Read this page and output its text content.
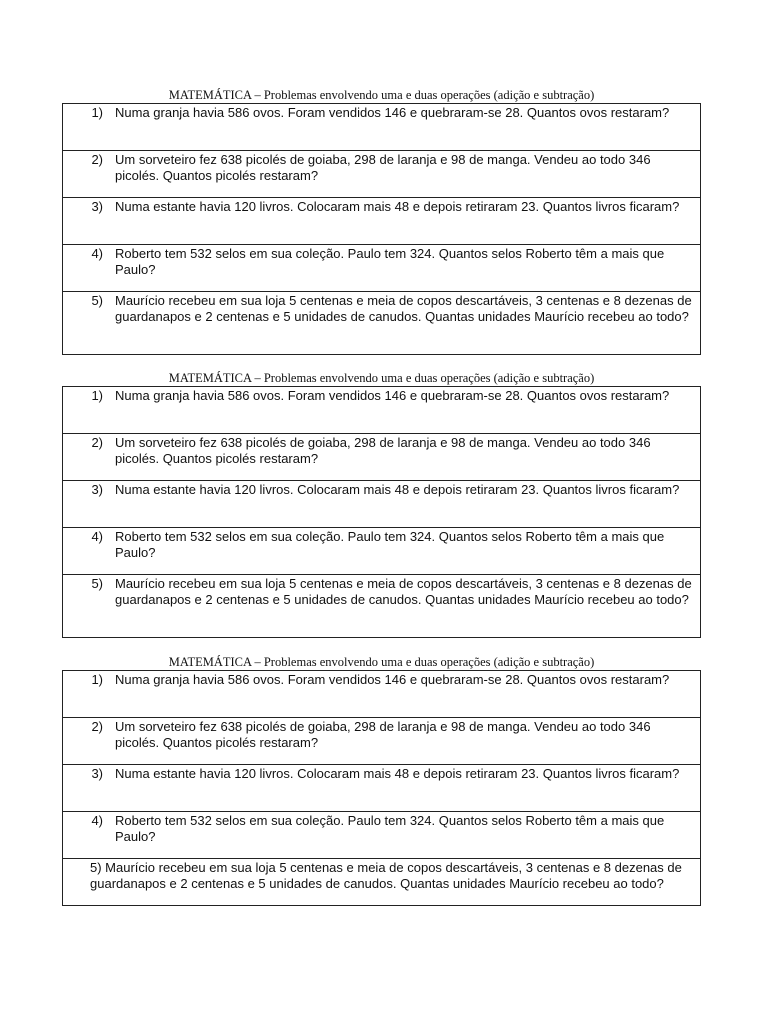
MATEMÁTICA – Problemas envolvendo uma e duas operações (adição e subtração)
1) Numa granja havia 586 ovos. Foram vendidos 146 e quebraram-se 28. Quantos ovos restaram?

2) Um sorveteiro fez 638 picolés de goiaba, 298 de laranja e 98 de manga. Vendeu ao todo 346 picolés. Quantos picolés restaram?

3) Numa estante havia 120 livros. Colocaram mais 48 e depois retiraram 23. Quantos livros ficaram?

4) Roberto tem 532 selos em sua coleção. Paulo tem 324. Quantos selos Roberto têm a mais que Paulo?

5) Maurício recebeu em sua loja 5 centenas e meia de copos descartáveis, 3 centenas e 8 dezenas de guardanapos e 2 centenas e 5 unidades de canudos. Quantas unidades Maurício recebeu ao todo?
MATEMÁTICA – Problemas envolvendo uma e duas operações (adição e subtração)
1) Numa granja havia 586 ovos. Foram vendidos 146 e quebraram-se 28. Quantos ovos restaram?

2) Um sorveteiro fez 638 picolés de goiaba, 298 de laranja e 98 de manga. Vendeu ao todo 346 picolés. Quantos picolés restaram?

3) Numa estante havia 120 livros. Colocaram mais 48 e depois retiraram 23. Quantos livros ficaram?

4) Roberto tem 532 selos em sua coleção. Paulo tem 324. Quantos selos Roberto têm a mais que Paulo?

5) Maurício recebeu em sua loja 5 centenas e meia de copos descartáveis, 3 centenas e 8 dezenas de guardanapos e 2 centenas e 5 unidades de canudos. Quantas unidades Maurício recebeu ao todo?
MATEMÁTICA – Problemas envolvendo uma e duas operações (adição e subtração)
1) Numa granja havia 586 ovos. Foram vendidos 146 e quebraram-se 28. Quantos ovos restaram?

2) Um sorveteiro fez 638 picolés de goiaba, 298 de laranja e 98 de manga. Vendeu ao todo 346 picolés. Quantos picolés restaram?

3) Numa estante havia 120 livros. Colocaram mais 48 e depois retiraram 23. Quantos livros ficaram?

4) Roberto tem 532 selos em sua coleção. Paulo tem 324. Quantos selos Roberto têm a mais que Paulo?

5) Maurício recebeu em sua loja 5 centenas e meia de copos descartáveis, 3 centenas e 8 dezenas de guardanapos e 2 centenas e 5 unidades de canudos. Quantas unidades Maurício recebeu ao todo?
